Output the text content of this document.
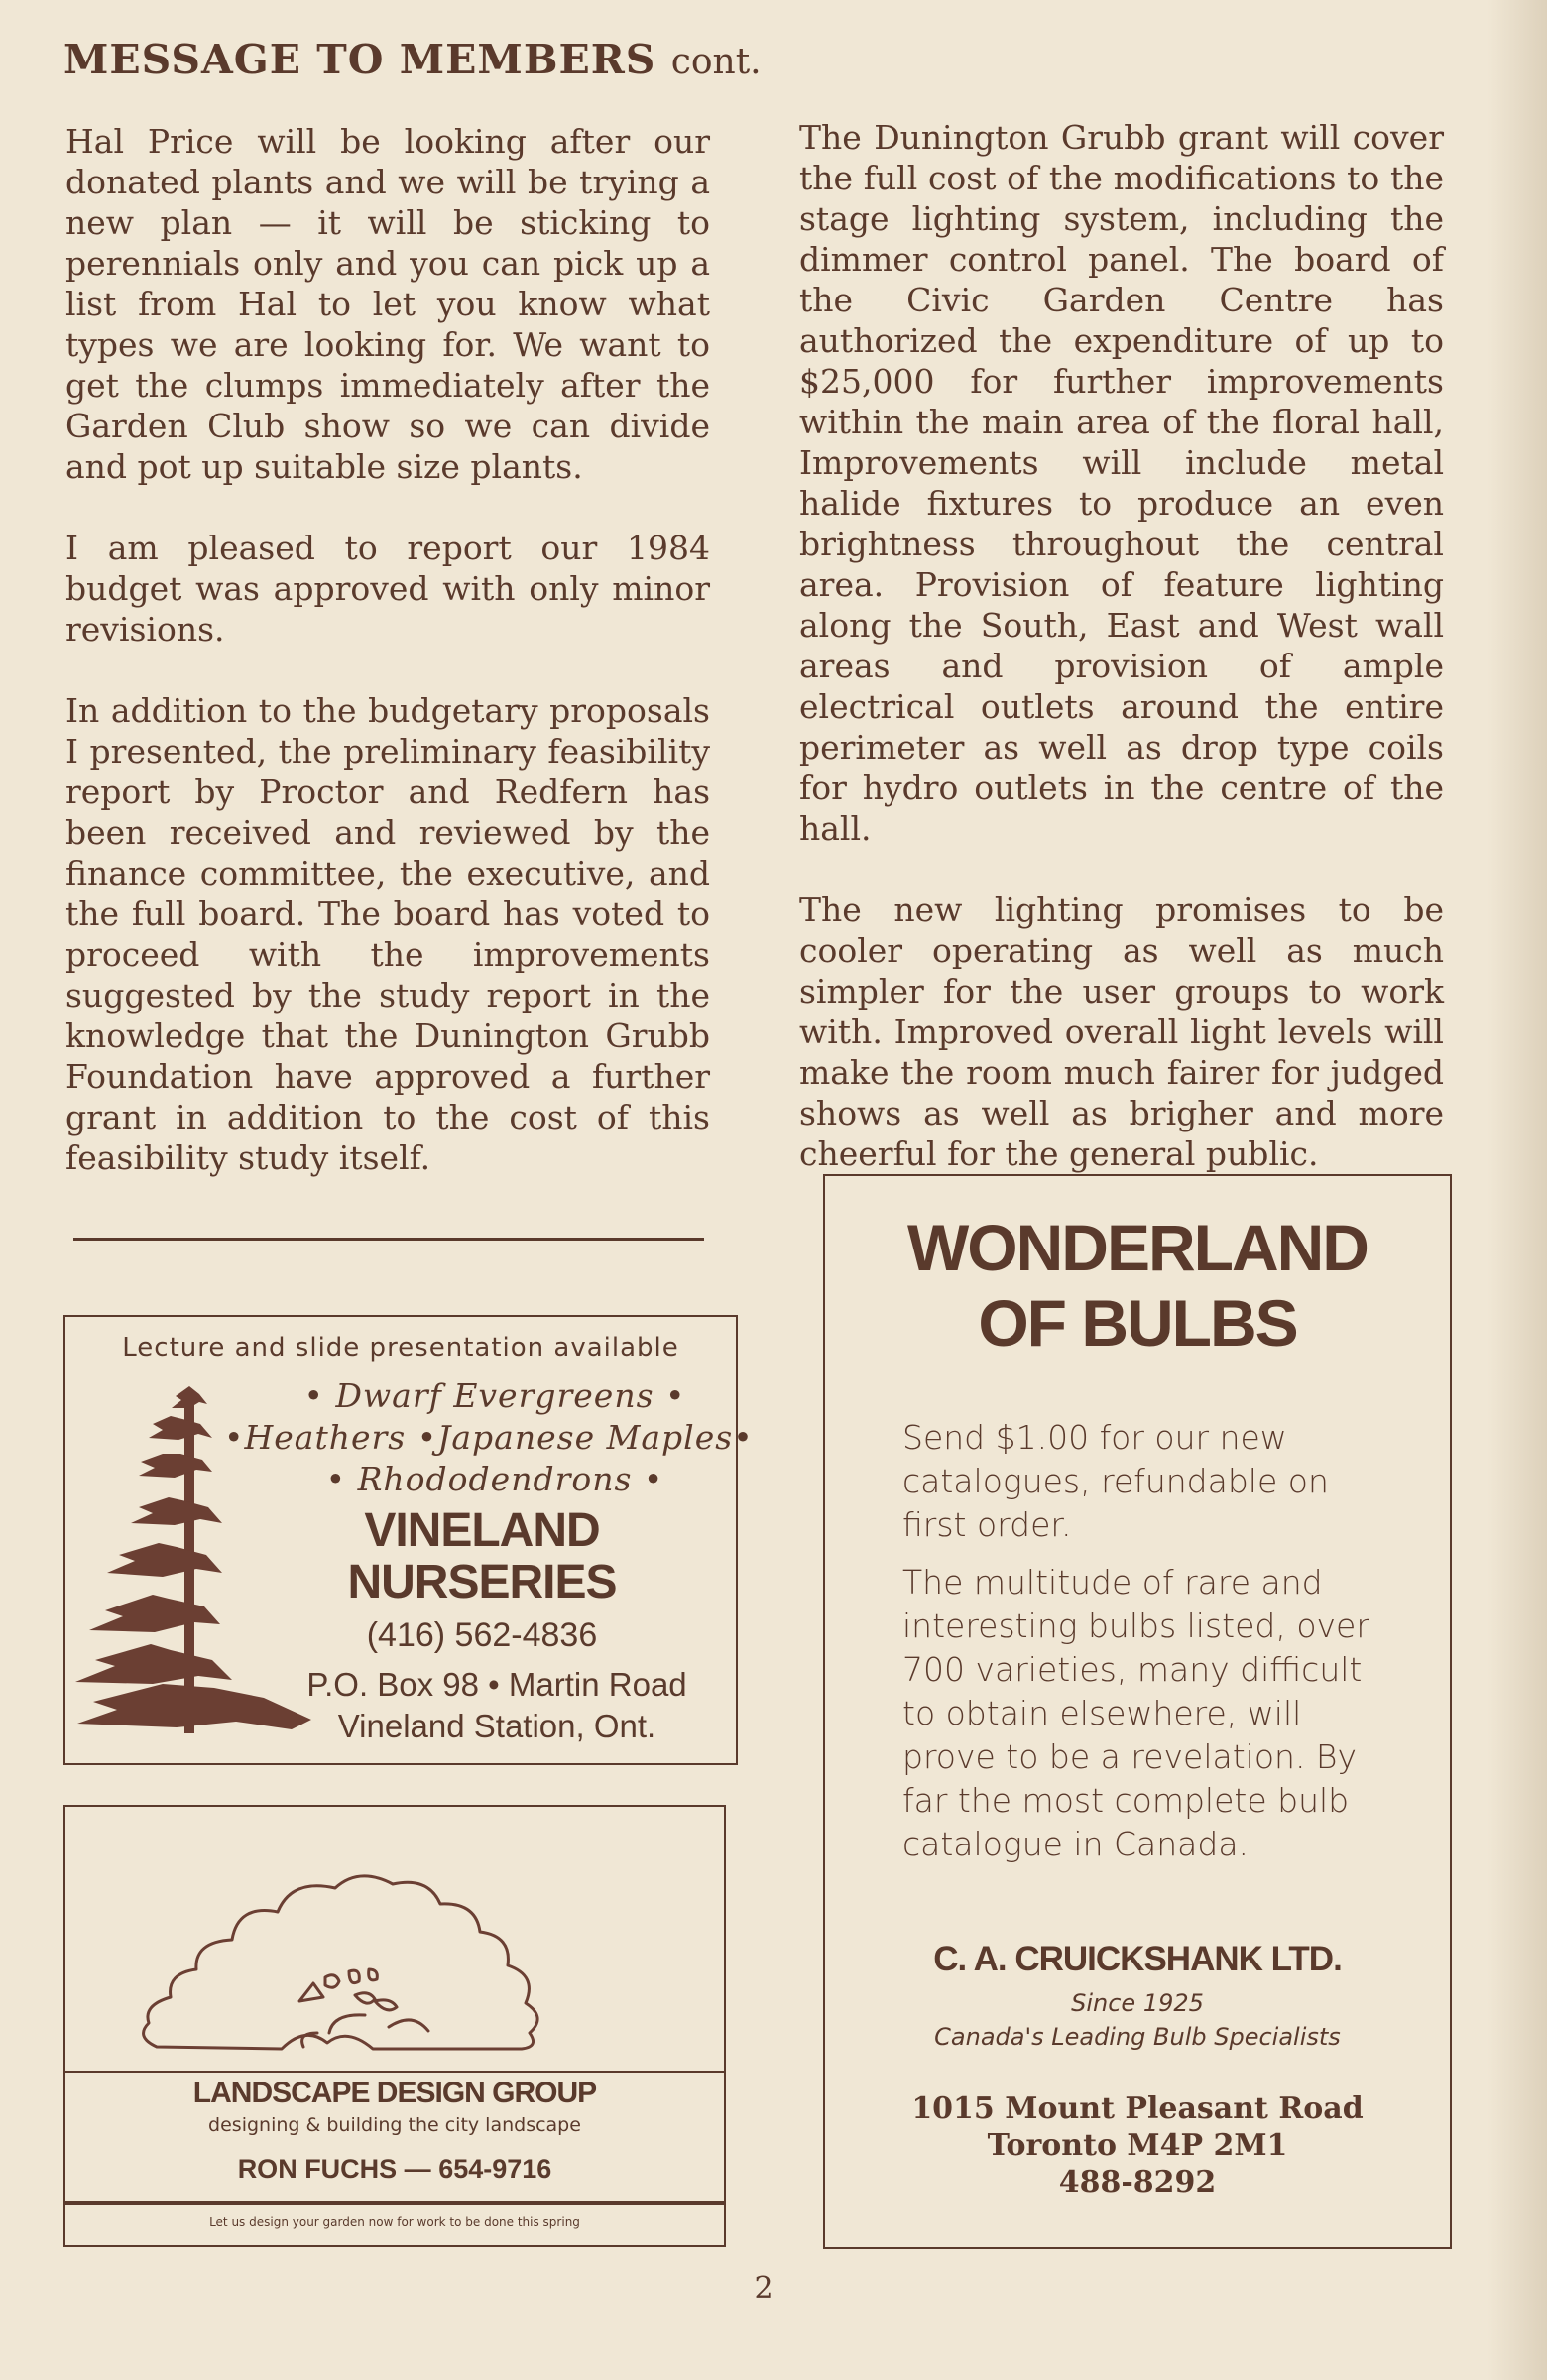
MESSAGE TO MEMBERS cont.

Hal Price will be looking after our donated plants and we will be trying a new plan — it will be sticking to perennials only and you can pick up a list from Hal to let you know what types we are looking for. We want to get the clumps immediately after the Garden Club show so we can divide and pot up suitable size plants.

I am pleased to report our 1984 budget was approved with only minor revisions.

In addition to the budgetary proposals I presented, the preliminary feasibility report by Proctor and Redfern has been received and reviewed by the finance committee, the executive, and the full board. The board has voted to proceed with the improvements suggested by the study report in the knowledge that the Dunington Grubb Foundation have approved a further grant in addition to the cost of this feasibility study itself.

The Dunington Grubb grant will cover the full cost of the modifications to the stage lighting system, including the dimmer control panel. The board of the Civic Garden Centre has authorized the expenditure of up to $25,000 for further improvements within the main area of the floral hall, Improvements will include metal halide fixtures to produce an even brightness throughout the central area. Provision of feature lighting along the South, East and West wall areas and provision of ample electrical outlets around the entire perimeter as well as drop type coils for hydro outlets in the centre of the hall.

The new lighting promises to be cooler operating as well as much simpler for the user groups to work with. Improved overall light levels will make the room much fairer for judged shows as well as brigher and more cheerful for the general public.

Lecture and slide presentation available
• Dwarf Evergreens •
•Heathers •Japanese Maples•
• Rhododendrons •
VINELAND
NURSERIES
(416) 562-4836
P.O. Box 98 • Martin Road
Vineland Station, Ont.
LANDSCAPE DESIGN GROUP
designing & building the city landscape
RON FUCHS — 654-9716
Let us design your garden now for work to be done this spring
WONDERLAND
OF BULBS
Send $1.00 for our new catalogues, refundable on first order.
The multitude of rare and interesting bulbs listed, over 700 varieties, many difficult to obtain elsewhere, will prove to be a revelation. By far the most complete bulb catalogue in Canada.
C. A. CRUICKSHANK LTD.
Since 1925
Canada's Leading Bulb Specialists
1015 Mount Pleasant Road
Toronto M4P 2M1
488-8292
2
